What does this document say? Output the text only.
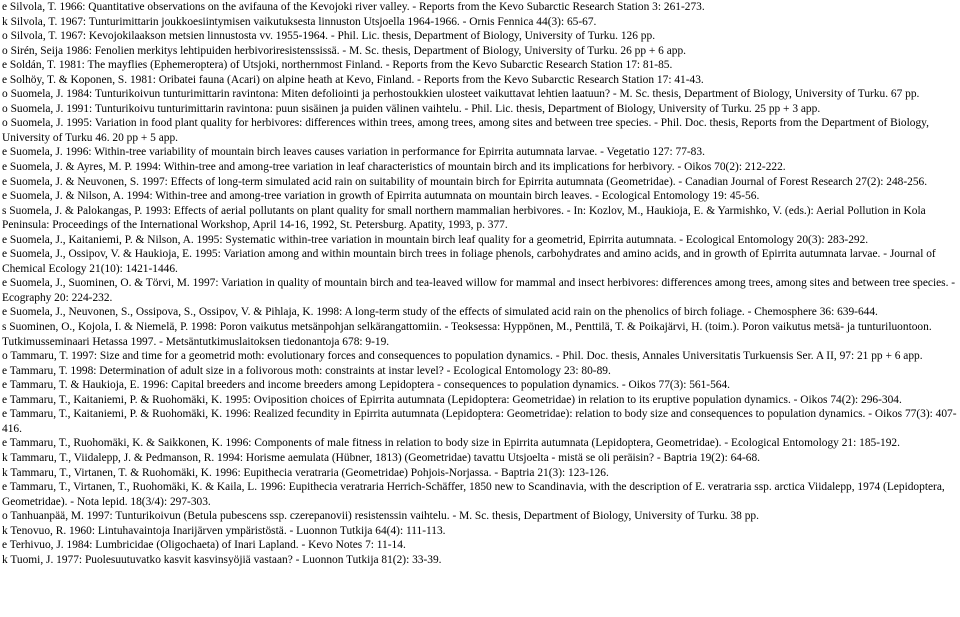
e Silvola, T. 1966: Quantitative observations on the avifauna of the Kevojoki river valley. - Reports from the Kevo Subarctic Research Station 3: 261-273.
k Silvola, T. 1967: Tunturimittarin joukkoesiintymisen vaikutuksesta linnuston Utsjoella 1964-1966. - Ornis Fennica 44(3): 65-67.
o Silvola, T. 1967: Kevojokilaakson metsien linnustosta vv. 1955-1964. - Phil. Lic. thesis, Department of Biology, University of Turku. 126 pp.
o Sirén, Seija 1986: Fenolien merkitys lehtipuiden herbivoriresistenssissä. - M. Sc. thesis, Department of Biology, University of Turku. 26 pp + 6 app.
e Soldán, T. 1981: The mayflies (Ephemeroptera) of Utsjoki, northernmost Finland. - Reports from the Kevo Subarctic Research Station 17: 81-85.
e Solhöy, T. & Koponen, S. 1981: Oribatei fauna (Acari) on alpine heath at Kevo, Finland. - Reports from the Kevo Subarctic Research Station 17: 41-43.
o Suomela, J. 1984: Tunturikoivun tunturimittarin ravintona: Miten defoliointi ja perhostoukkien ulosteet vaikuttavat lehtien laatuun? - M. Sc. thesis, Department of Biology, University of Turku. 67 pp.
o Suomela, J. 1991: Tunturikoivu tunturimittarin ravintona: puun sisäinen ja puiden välinen vaihtelu. - Phil. Lic. thesis, Department of Biology, University of Turku. 25 pp + 3 app.
o Suomela, J. 1995: Variation in food plant quality for herbivores: differences within trees, among trees, among sites and between tree species. - Phil. Doc. thesis, Reports from the Department of Biology, University of Turku 46. 20 pp + 5 app.
e Suomela, J. 1996: Within-tree variability of mountain birch leaves causes variation in performance for Epirrita autumnata larvae. - Vegetatio 127: 77-83.
e Suomela, J. & Ayres, M. P. 1994: Within-tree and among-tree variation in leaf characteristics of mountain birch and its implications for herbivory. - Oikos 70(2): 212-222.
e Suomela, J. & Neuvonen, S. 1997: Effects of long-term simulated acid rain on suitability of mountain birch for Epirrita autumnata (Geometridae). - Canadian Journal of Forest Research 27(2): 248-256.
e Suomela, J. & Nilson, A. 1994: Within-tree and among-tree variation in growth of Epirrita autumnata on mountain birch leaves. - Ecological Entomology 19: 45-56.
s Suomela, J. & Palokangas, P. 1993: Effects of aerial pollutants on plant quality for small northern mammalian herbivores. - In: Kozlov, M., Haukioja, E. & Yarmishko, V. (eds.): Aerial Pollution in Kola Peninsula: Proceedings of the International Workshop, April 14-16, 1992, St. Petersburg. Apatity, 1993, p. 377.
e Suomela, J., Kaitaniemi, P. & Nilson, A. 1995: Systematic within-tree variation in mountain birch leaf quality for a geometrid, Epirrita autumnata. - Ecological Entomology 20(3): 283-292.
e Suomela, J., Ossipov, V. & Haukioja, E. 1995: Variation among and within mountain birch trees in foliage phenols, carbohydrates and amino acids, and in growth of Epirrita autumnata larvae. - Journal of Chemical Ecology 21(10): 1421-1446.
e Suomela, J., Suominen, O. & Törvi, M. 1997: Variation in quality of mountain birch and tea-leaved willow for mammal and insect herbivores: differences among trees, among sites and between tree species. - Ecography 20: 224-232.
e Suomela, J., Neuvonen, S., Ossipova, S., Ossipov, V. & Pihlaja, K. 1998: A long-term study of the effects of simulated acid rain on the phenolics of birch foliage. - Chemosphere 36: 639-644.
s Suominen, O., Kojola, I. & Niemelä, P. 1998: Poron vaikutus metsänpohjan selkärangattomiin. - Teoksessa: Hyppönen, M., Penttilä, T. & Poikajärvi, H. (toim.). Poron vaikutus metsä- ja tunturiluontoon. Tutkimusseminaari Hetassa 1997. - Metsäntutkimuslaitoksen tiedonantoja 678: 9-19.
o Tammaru, T. 1997: Size and time for a geometrid moth: evolutionary forces and consequences to population dynamics. - Phil. Doc. thesis, Annales Universitatis Turkuensis Ser. A II, 97: 21 pp + 6 app.
e Tammaru, T. 1998: Determination of adult size in a folivorous moth: constraints at instar level? - Ecological Entomology 23: 80-89.
e Tammaru, T. & Haukioja, E. 1996: Capital breeders and income breeders among Lepidoptera - consequences to population dynamics. - Oikos 77(3): 561-564.
e Tammaru, T., Kaitaniemi, P. & Ruohomäki, K. 1995: Oviposition choices of Epirrita autumnata (Lepidoptera: Geometridae) in relation to its eruptive population dynamics. - Oikos 74(2): 296-304.
e Tammaru, T., Kaitaniemi, P. & Ruohomäki, K. 1996: Realized fecundity in Epirrita autumnata (Lepidoptera: Geometridae): relation to body size and consequences to population dynamics. - Oikos 77(3): 407-416.
e Tammaru, T., Ruohomäki, K. & Saikkonen, K. 1996: Components of male fitness in relation to body size in Epirrita autumnata (Lepidoptera, Geometridae). - Ecological Entomology 21: 185-192.
k Tammaru, T., Viidalepp, J. & Pedmanson, R. 1994: Horisme aemulata (Hübner, 1813) (Geometridae) tavattu Utsjoelta - mistä se oli peräisin? - Baptria 19(2): 64-68.
k Tammaru, T., Virtanen, T. & Ruohomäki, K. 1996: Eupithecia veratraria (Geometridae) Pohjois-Norjassa. - Baptria 21(3): 123-126.
e Tammaru, T., Virtanen, T., Ruohomäki, K. & Kaila, L. 1996: Eupithecia veratraria Herrich-Schäffer, 1850 new to Scandinavia, with the description of E. veratraria ssp. arctica Viidalepp, 1974 (Lepidoptera, Geometridae). - Nota lepid. 18(3/4): 297-303.
o Tanhuanpää, M. 1997: Tunturikoivun (Betula pubescens ssp. czerepanovii) resistenssin vaihtelu. - M. Sc. thesis, Department of Biology, University of Turku. 38 pp.
k Tenovuo, R. 1960: Lintuhavaintoja Inarijärven ympäristöstä. - Luonnon Tutkija 64(4): 111-113.
e Terhivuo, J. 1984: Lumbricidae (Oligochaeta) of Inari Lapland. - Kevo Notes 7: 11-14.
k Tuomi, J. 1977: Puolesuutuvatko kasvit kasvinsyöjiä vastaan? - Luonnon Tutkija 81(2): 33-39.
